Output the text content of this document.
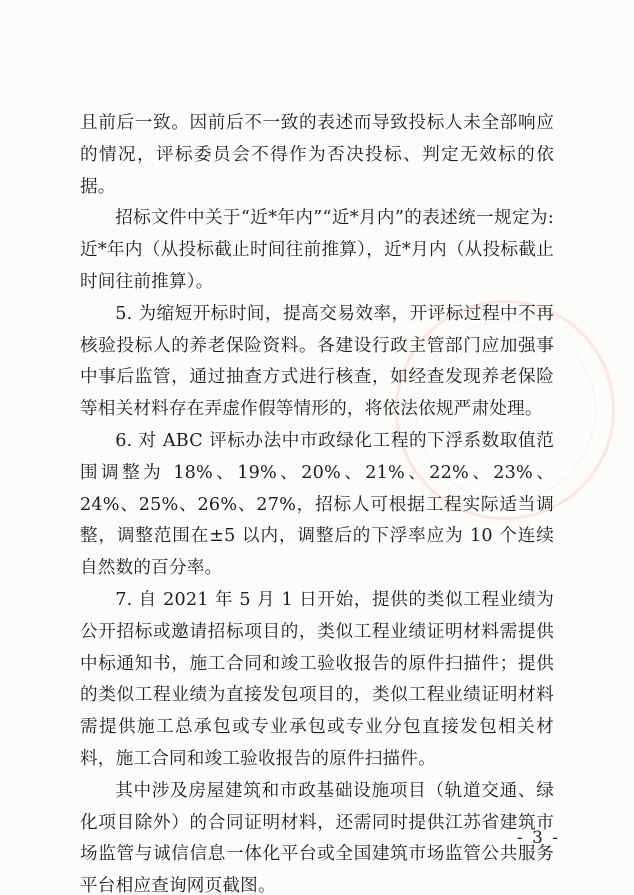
且前后一致。因前后不一致的表述而导致投标人未全部响应的情况，评标委员会不得作为否决投标、判定无效标的依据。

招标文件中关于“近*年内”“近*月内”的表述统一规定为:近*年内（从投标截止时间往前推算），近*月内（从投标截止时间往前推算）。

5. 为缩短开标时间，提高交易效率，开评标过程中不再核验投标人的养老保险资料。各建设行政主管部门应加强事中事后监管，通过抽查方式进行核查，如经查发现养老保险等相关材料存在弄虚作假等情形的，将依法依规严肃处理。

6. 对 ABC 评标办法中市政绿化工程的下浮系数取值范围调整为 18%、19%、20%、21%、22%、23%、24%、25%、26%、27%，招标人可根据工程实际适当调整，调整范围在±5 以内，调整后的下浮率应为 10 个连续自然数的百分率。

7. 自 2021 年 5 月 1 日开始，提供的类似工程业绩为公开招标或邀请招标项目的，类似工程业绩证明材料需提供中标通知书，施工合同和竣工验收报告的原件扫描件；提供的类似工程业绩为直接发包项目的，类似工程业绩证明材料需提供施工总承包或专业承包或专业分包直接发包相关材料，施工合同和竣工验收报告的原件扫描件。

其中涉及房屋建筑和市政基础设施项目（轨道交通、绿化项目除外）的合同证明材料，还需同时提供江苏省建筑市场监管与诚信信息一体化平台或全国建筑市场监管公共服务平台相应查询网页截图。

- 3 -
